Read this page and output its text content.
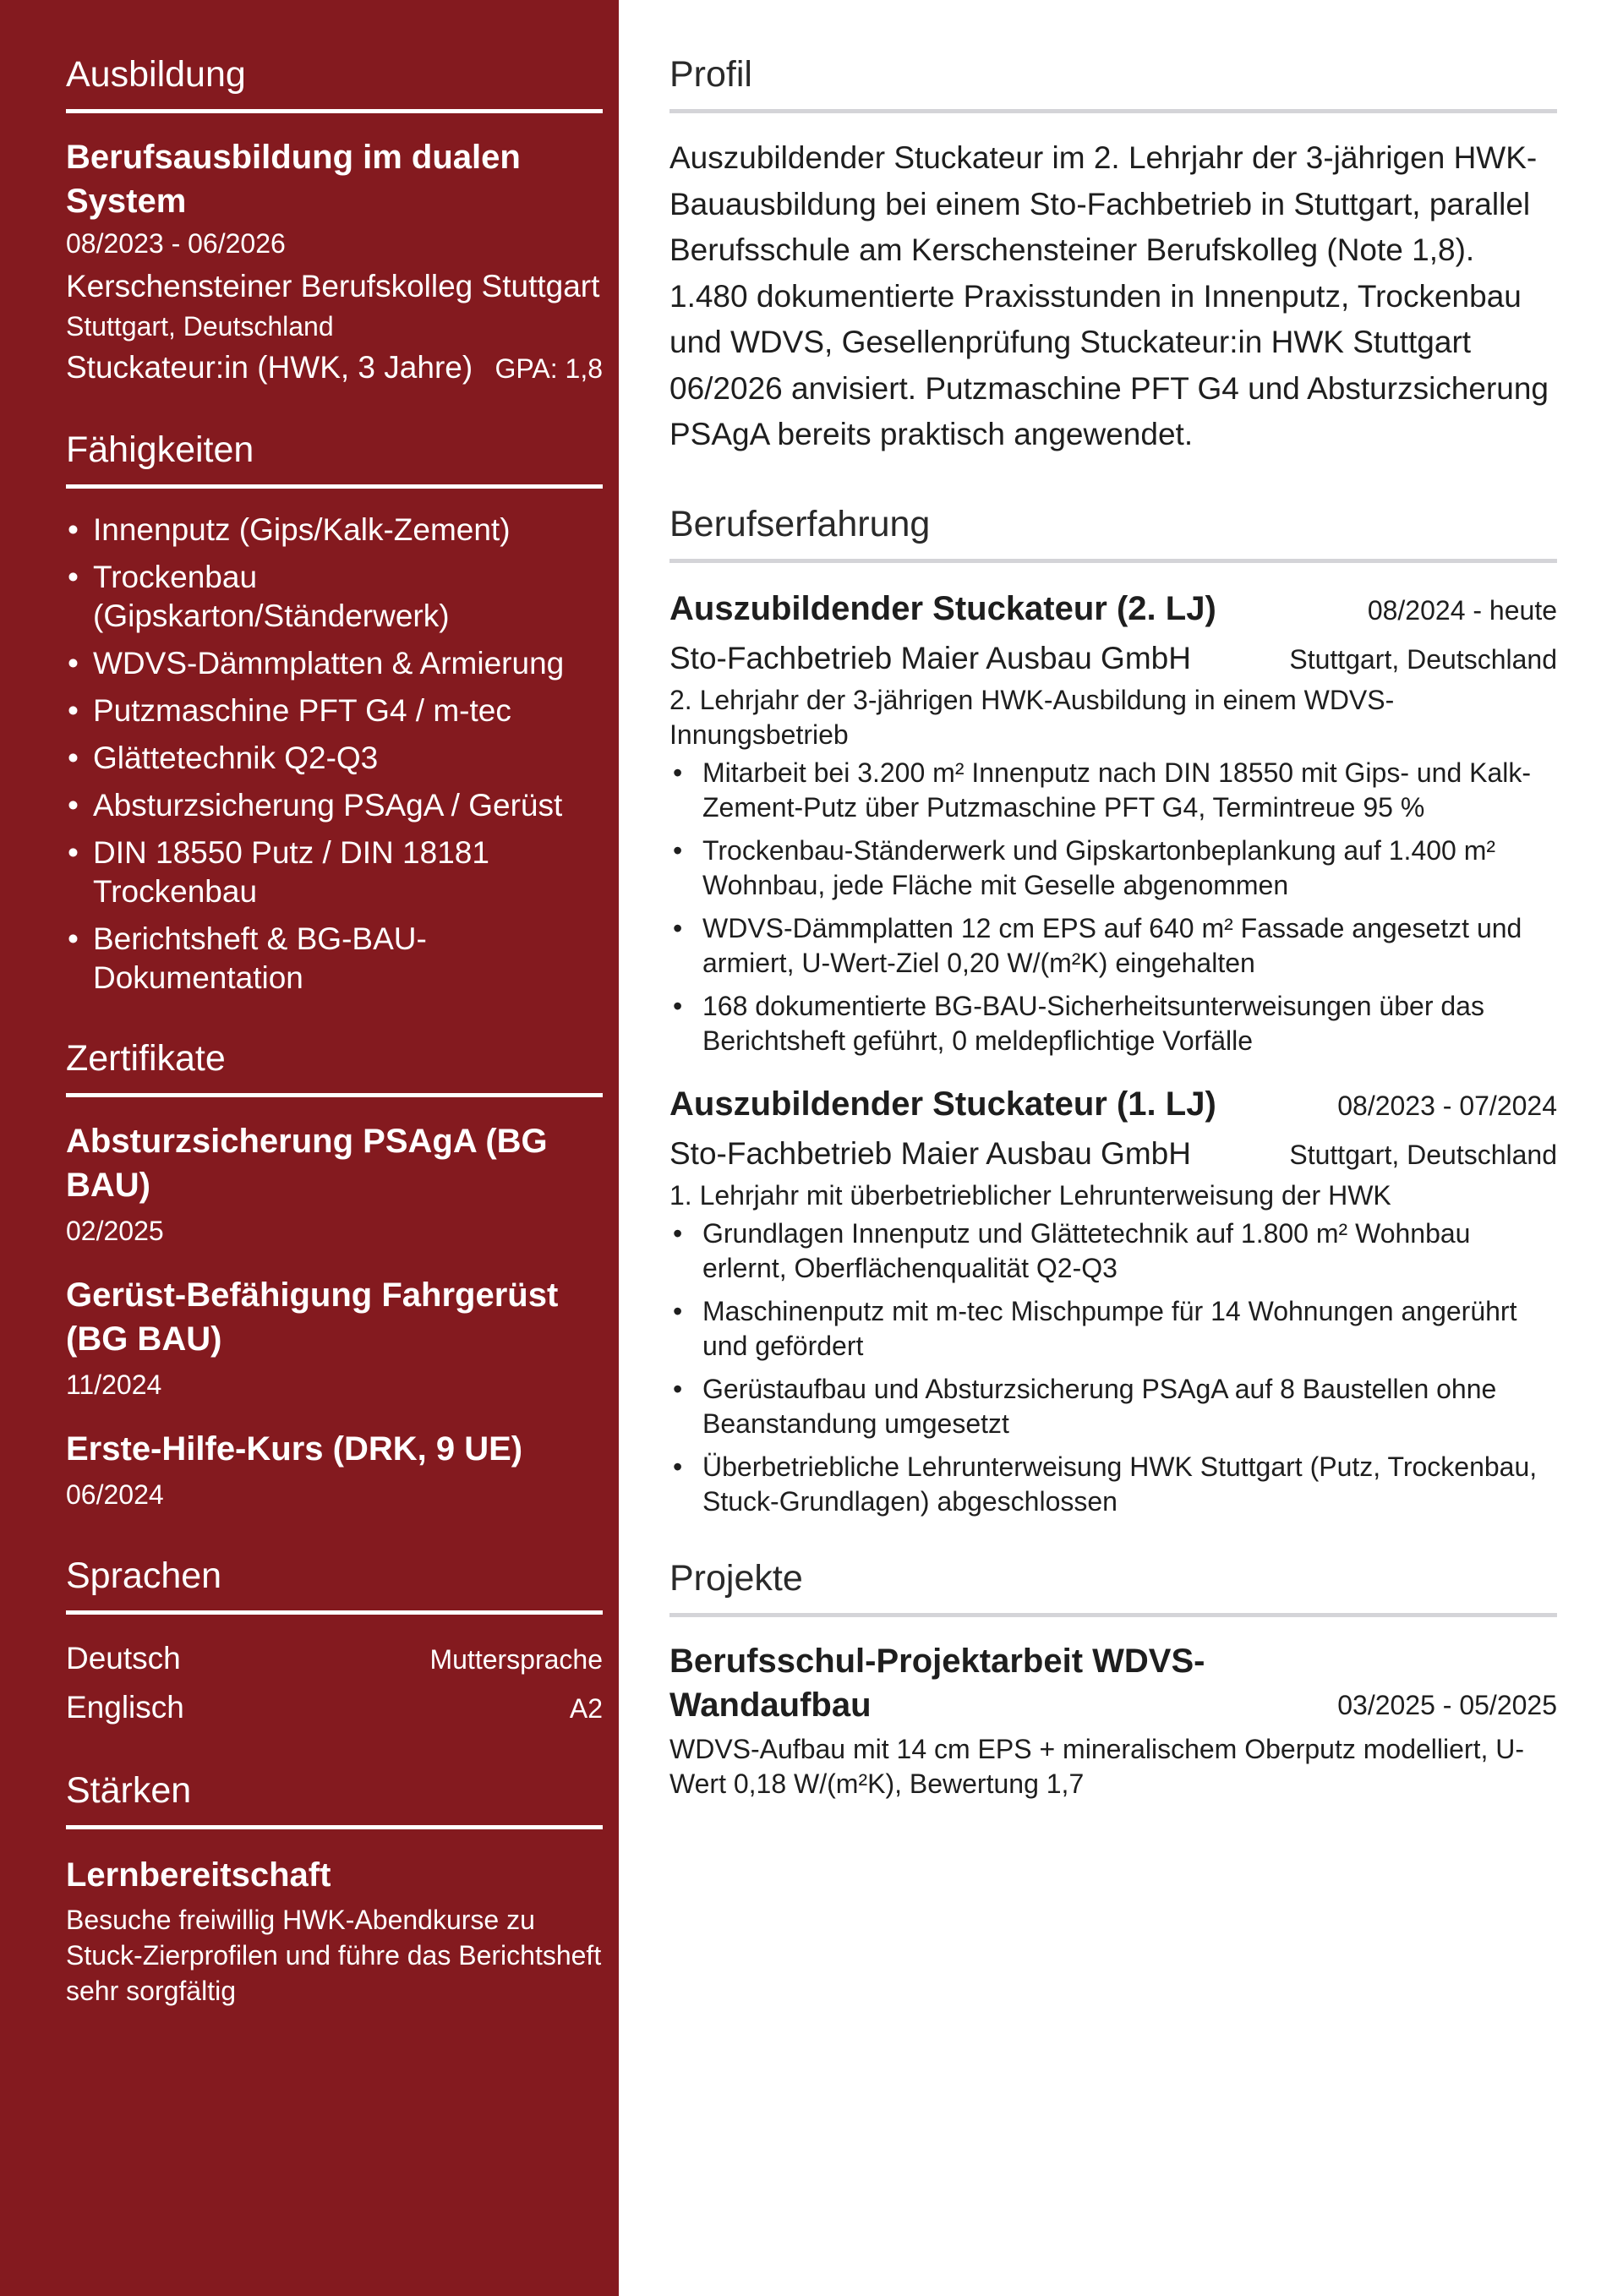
Ausbildung
Berufsausbildung im dualen System
08/2023 - 06/2026
Kerschensteiner Berufskolleg Stuttgart
Stuttgart, Deutschland
Stuckateur:in (HWK, 3 Jahre) GPA: 1,8
Fähigkeiten
• Innenputz (Gips/Kalk-Zement)
• Trockenbau (Gipskarton/Ständerwerk)
• WDVS-Dämmplatten & Armierung
• Putzmaschine PFT G4 / m-tec
• Glättetechnik Q2-Q3
• Absturzsicherung PSAgA / Gerüst
• DIN 18550 Putz / DIN 18181 Trockenbau
• Berichtsheft & BG-BAU-Dokumentation
Zertifikate
Absturzsicherung PSAgA (BG BAU)
02/2025
Gerüst-Befähigung Fahrgerüst (BG BAU)
11/2024
Erste-Hilfe-Kurs (DRK, 9 UE)
06/2024
Sprachen
Deutsch	Muttersprache
Englisch	A2
Stärken
Lernbereitschaft
Besuche freiwillig HWK-Abendkurse zu Stuck-Zierprofilen und führe das Berichtsheft sehr sorgfältig
Profil

Auszubildender Stuckateur im 2. Lehrjahr der 3-jährigen HWK-Bauausbildung bei einem Sto-Fachbetrieb in Stuttgart, parallel Berufsschule am Kerschensteiner Berufskolleg (Note 1,8). 1.480 dokumentierte Praxisstunden in Innenputz, Trockenbau und WDVS, Gesellenprüfung Stuckateur:in HWK Stuttgart 06/2026 anvisiert. Putzmaschine PFT G4 und Absturzsicherung PSAgA bereits praktisch angewendet.

Berufserfahrung
Auszubildender Stuckateur (2. LJ)	08/2024 - heute
Sto-Fachbetrieb Maier Ausbau GmbH	Stuttgart, Deutschland
2. Lehrjahr der 3-jährigen HWK-Ausbildung in einem WDVS-Innungsbetrieb
• Mitarbeit bei 3.200 m² Innenputz nach DIN 18550 mit Gips- und Kalk-Zement-Putz über Putzmaschine PFT G4, Termintreue 95 %
• Trockenbau-Ständerwerk und Gipskartonbeplankung auf 1.400 m² Wohnbau, jede Fläche mit Geselle abgenommen
• WDVS-Dämmplatten 12 cm EPS auf 640 m² Fassade angesetzt und armiert, U-Wert-Ziel 0,20 W/(m²K) eingehalten
• 168 dokumentierte BG-BAU-Sicherheitsunterweisungen über das Berichtsheft geführt, 0 meldepflichtige Vorfälle
Auszubildender Stuckateur (1. LJ)	08/2023 - 07/2024
Sto-Fachbetrieb Maier Ausbau GmbH	Stuttgart, Deutschland
1. Lehrjahr mit überbetrieblicher Lehrunterweisung der HWK
• Grundlagen Innenputz und Glättetechnik auf 1.800 m² Wohnbau erlernt, Oberflächenqualität Q2-Q3
• Maschinenputz mit m-tec Mischpumpe für 14 Wohnungen angerührt und gefördert
• Gerüstaufbau und Absturzsicherung PSAgA auf 8 Baustellen ohne Beanstandung umgesetzt
• Überbetriebliche Lehrunterweisung HWK Stuttgart (Putz, Trockenbau, Stuck-Grundlagen) abgeschlossen
Projekte
Berufsschul-Projektarbeit WDVS-Wandaufbau	03/2025 - 05/2025
WDVS-Aufbau mit 14 cm EPS + mineralischem Oberputz modelliert, U-Wert 0,18 W/(m²K), Bewertung 1,7
